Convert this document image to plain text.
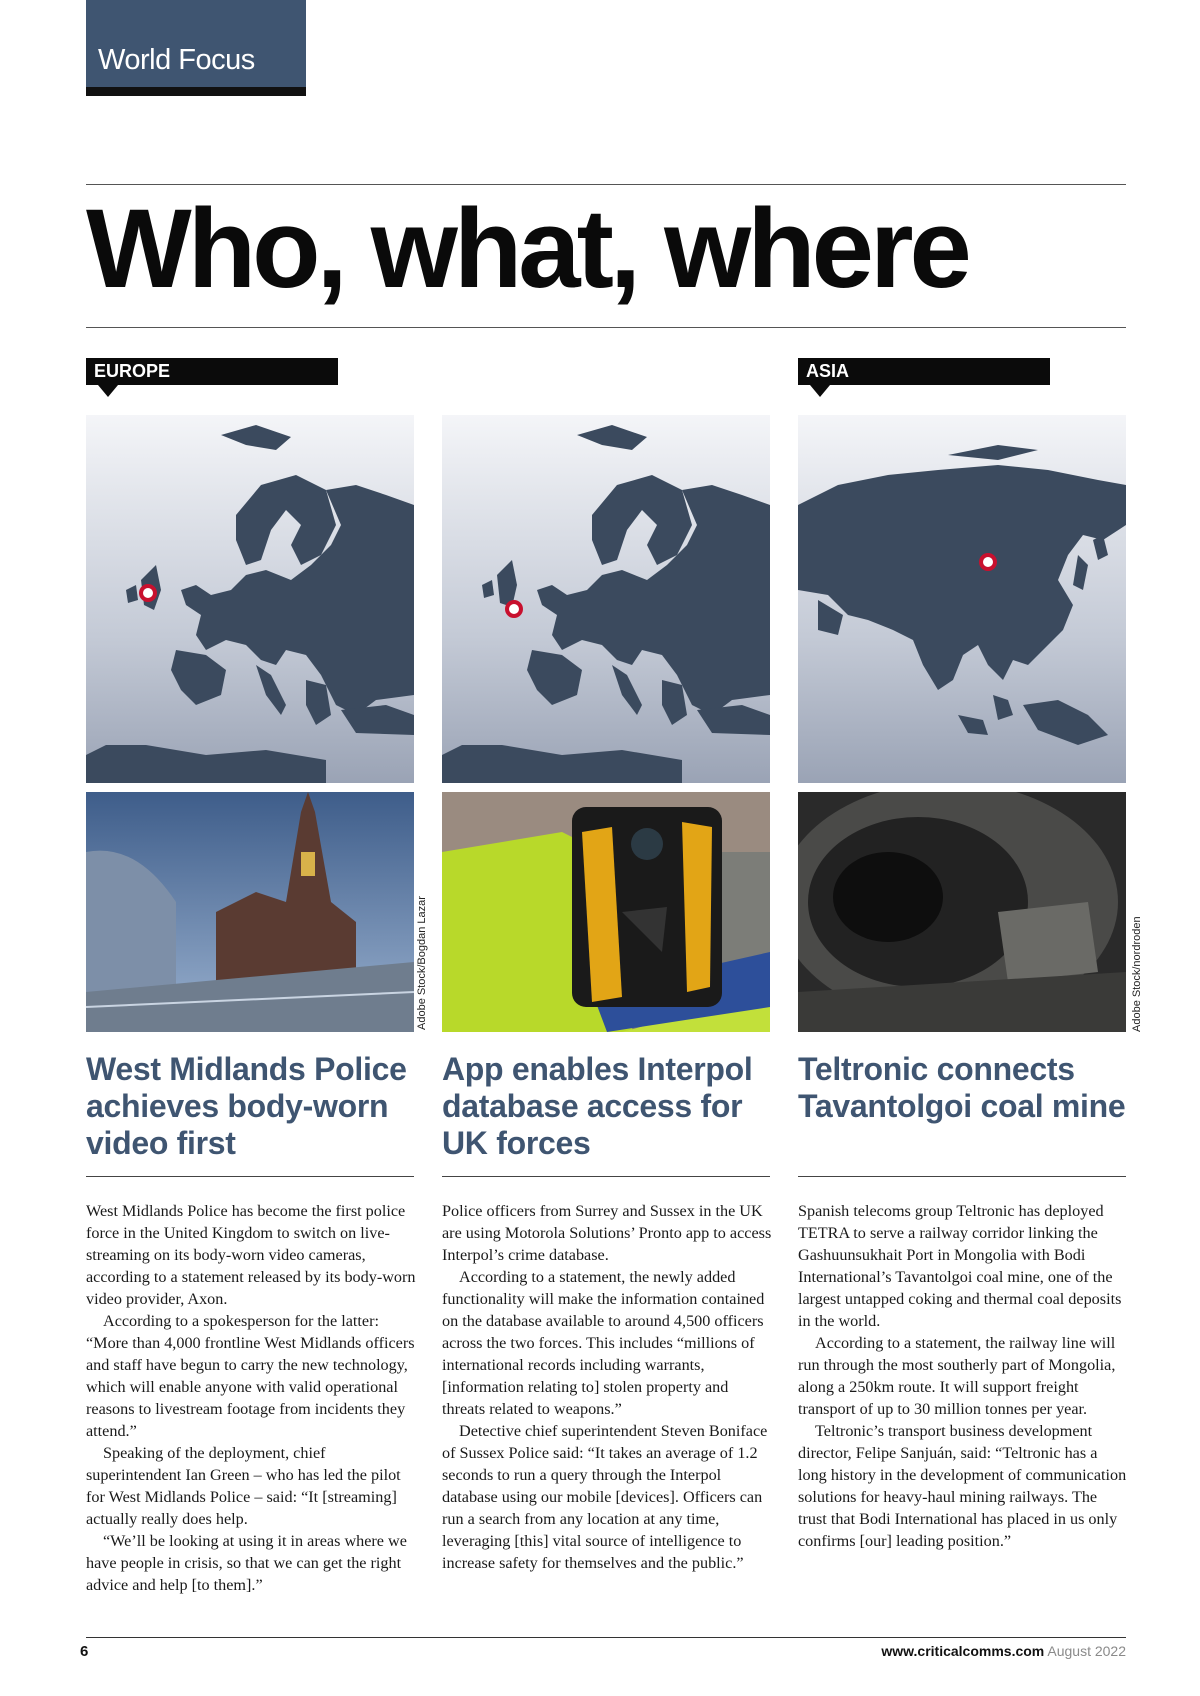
World Focus
Who, what, where
EUROPE	ASIA
Adobe Stock/Bogdan Lazar	Adobe Stock/nordroden
West Midlands Police achieves body-worn video first
App enables Interpol database access for UK forces
Teltronic connects Tavantolgoi coal mine

West Midlands Police has become the first police force in the United Kingdom to switch on live-streaming on its body-worn video cameras, according to a statement released by its body-worn video provider, Axon.

According to a spokesperson for the latter: “More than 4,000 frontline West Midlands officers and staff have begun to carry the new technology, which will enable anyone with valid operational reasons to livestream footage from incidents they attend.”

Speaking of the deployment, chief superintendent Ian Green – who has led the pilot for West Midlands Police – said: “It [streaming] actually really does help.

“We’ll be looking at using it in areas where we have people in crisis, so that we can get the right advice and help [to them].”

Police officers from Surrey and Sussex in the UK are using Motorola Solutions’ Pronto app to access Interpol’s crime database.

According to a statement, the newly added functionality will make the information contained on the database available to around 4,500 officers across the two forces. This includes “millions of international records including warrants, [information relating to] stolen property and threats related to weapons.”

Detective chief superintendent Steven Boniface of Sussex Police said: “It takes an average of 1.2 seconds to run a query through the Interpol database using our mobile [devices]. Officers can run a search from any location at any time, leveraging [this] vital source of intelligence to increase safety for themselves and the public.”

Spanish telecoms group Teltronic has deployed TETRA to serve a railway corridor linking the Gashuunsukhait Port in Mongolia with Bodi International’s Tavantolgoi coal mine, one of the largest untapped coking and thermal coal deposits in the world.

According to a statement, the railway line will run through the most southerly part of Mongolia, along a 250km route. It will support freight transport of up to 30 million tonnes per year.

Teltronic’s transport business development director, Felipe Sanjuán, said: “Teltronic has a long history in the development of communication solutions for heavy-haul mining railways. The trust that Bodi International has placed in us only confirms [our] leading position.”

6	www.criticalcomms.com August 2022
